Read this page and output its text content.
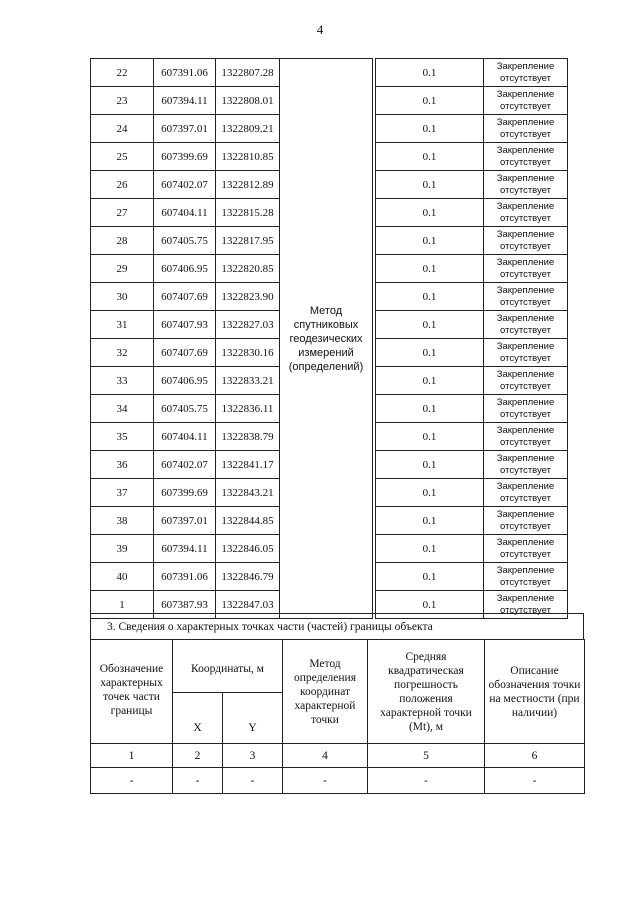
4
22	607391.06	1322807.28	Метод спутниковых геодезических измерений (определений)		0.1	Закрепление
отсутствует

23	607394.11	1322808.01			0.1	Закрепление
отсутствует

24	607397.01	1322809.21			0.1	Закрепление
отсутствует

25	607399.69	1322810.85			0.1	Закрепление
отсутствует

26	607402.07	1322812.89			0.1	Закрепление
отсутствует

27	607404.11	1322815.28			0.1	Закрепление
отсутствует

28	607405.75	1322817.95			0.1	Закрепление
отсутствует

29	607406.95	1322820.85			0.1	Закрепление
отсутствует

30	607407.69	1322823.90			0.1	Закрепление
отсутствует

31	607407.93	1322827.03			0.1	Закрепление
отсутствует

32	607407.69	1322830.16			0.1	Закрепление
отсутствует

33	607406.95	1322833.21			0.1	Закрепление
отсутствует

34	607405.75	1322836.11			0.1	Закрепление
отсутствует

35	607404.11	1322838.79			0.1	Закрепление
отсутствует

36	607402.07	1322841.17			0.1	Закрепление
отсутствует

37	607399.69	1322843.21			0.1	Закрепление
отсутствует

38	607397.01	1322844.85			0.1	Закрепление
отсутствует

39	607394.11	1322846.05			0.1	Закрепление
отсутствует

40	607391.06	1322846.79			0.1	Закрепление
отсутствует

1	607387.93	1322847.03			0.1	Закрепление
отсутствует
3. Сведения о характерных точках части (частей) границы объекта
Обозначение характерных точек части границы	Координаты, м		Метод определения координат характерной точки	Средняя квадратическая погрешность положения характерной точки (Mt), м	Описание обозначения точки на местности (при наличии)
	X	Y			
1	2	3	4	5	6
-	-	-	-	-	-
